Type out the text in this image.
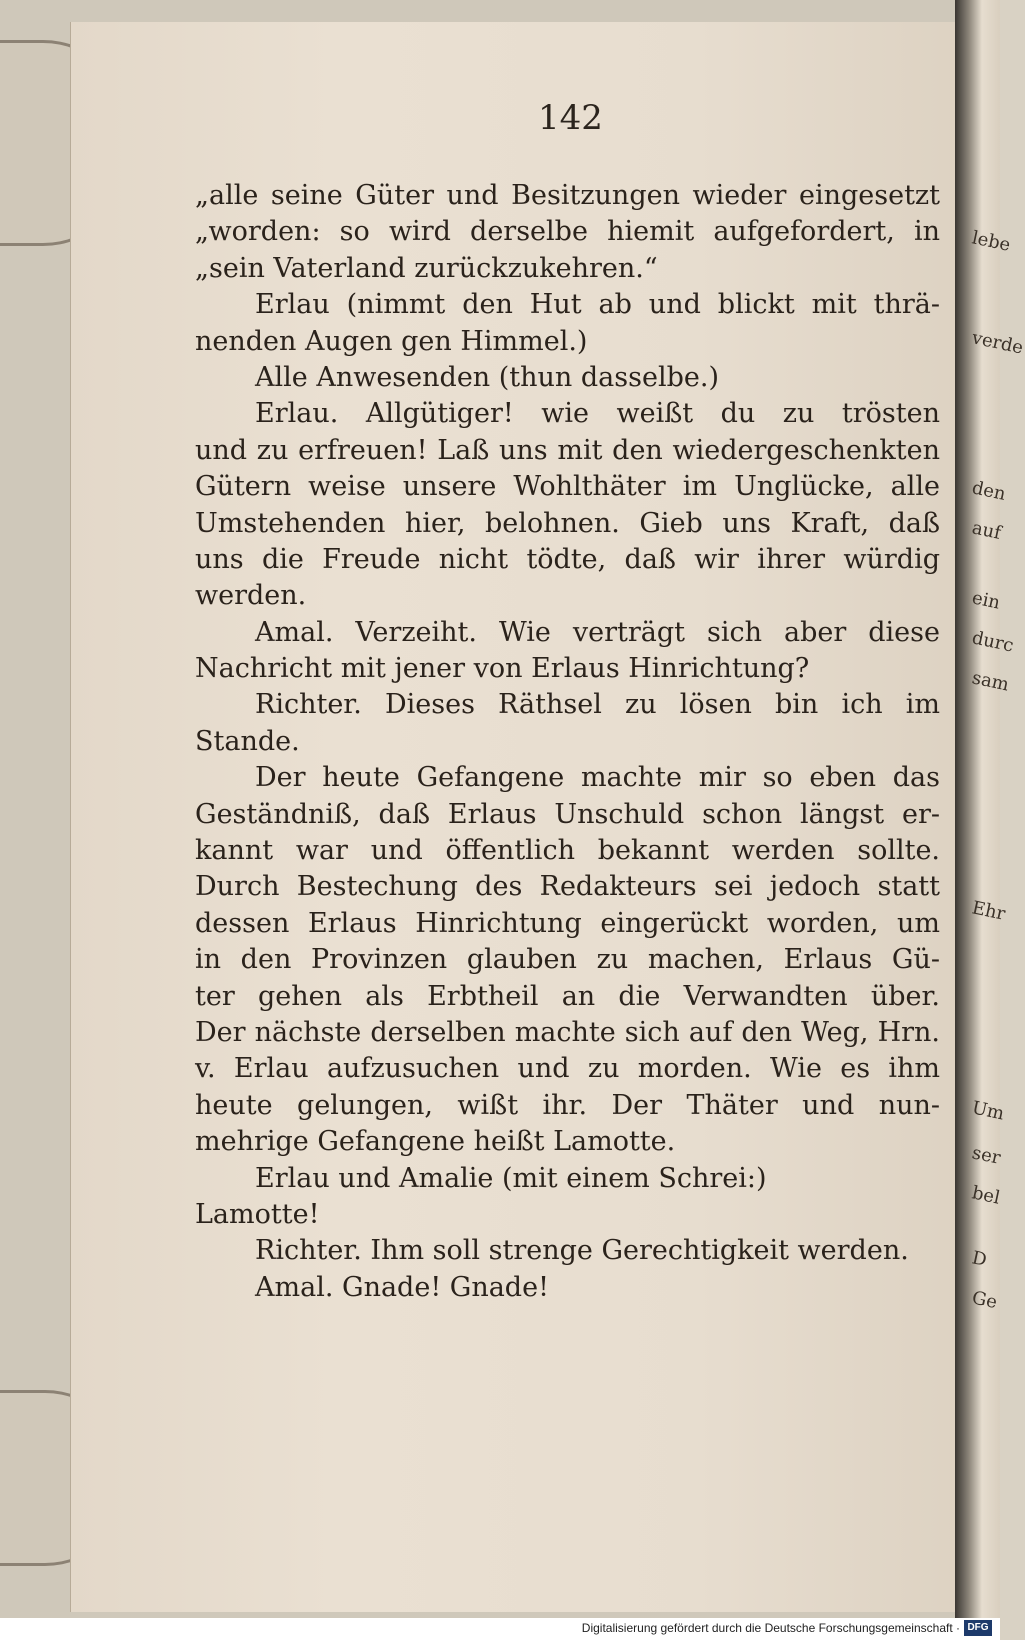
lebe
verde
den
auf
ein
durc
sam
Ehr
Um
ser
bel
D
Ge
142
„alle seine Güter und Besitzungen wieder eingesetzt
„worden: so wird derselbe hiemit aufgefordert, in
„sein Vaterland zurückzukehren.“
Erlau (nimmt den Hut ab und blickt mit thrä-
nenden Augen gen Himmel.)
Alle Anwesenden (thun dasselbe.)
Erlau. Allgütiger! wie weißt du zu trösten
und zu erfreuen! Laß uns mit den wiedergeschenkten
Gütern weise unsere Wohlthäter im Unglücke, alle
Umstehenden hier, belohnen. Gieb uns Kraft, daß
uns die Freude nicht tödte, daß wir ihrer würdig
werden.
Amal. Verzeiht. Wie verträgt sich aber diese
Nachricht mit jener von Erlaus Hinrichtung?
Richter. Dieses Räthsel zu lösen bin ich im
Stande.
Der heute Gefangene machte mir so eben das
Geständniß, daß Erlaus Unschuld schon längst er-
kannt war und öffentlich bekannt werden sollte.
Durch Bestechung des Redakteurs sei jedoch statt
dessen Erlaus Hinrichtung eingerückt worden, um
in den Provinzen glauben zu machen, Erlaus Gü-
ter gehen als Erbtheil an die Verwandten über.
Der nächste derselben machte sich auf den Weg, Hrn.
v. Erlau aufzusuchen und zu morden. Wie es ihm
heute gelungen, wißt ihr. Der Thäter und nun-
mehrige Gefangene heißt Lamotte.
Erlau und Amalie (mit einem Schrei:)
Lamotte!
Richter. Ihm soll strenge Gerechtigkeit werden.
Amal. Gnade! Gnade!
Digitalisierung gefördert durch die Deutsche Forschungsgemeinschaft · DFG
